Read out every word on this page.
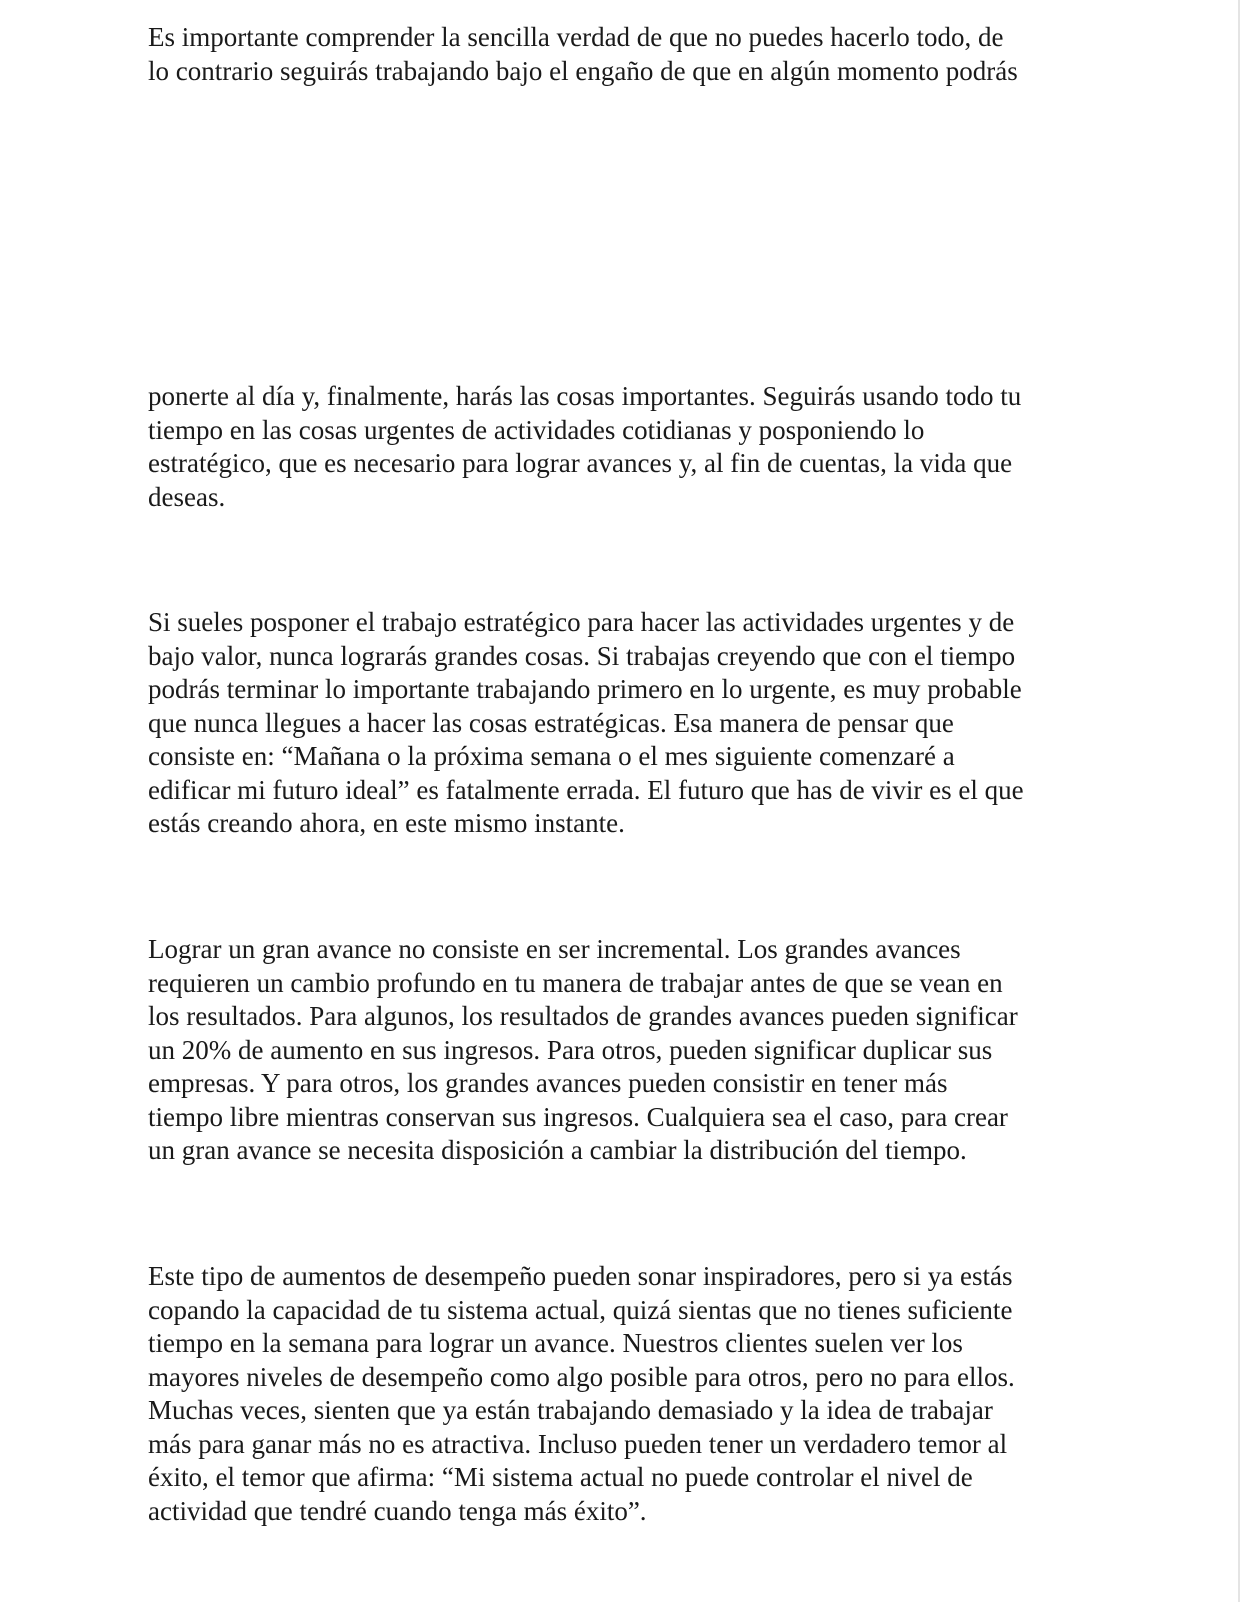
Es importante comprender la sencilla verdad de que no puedes hacerlo todo, de
lo contrario seguirás trabajando bajo el engaño de que en algún momento podrás

ponerte al día y, finalmente, harás las cosas importantes. Seguirás usando todo tu
tiempo en las cosas urgentes de actividades cotidianas y posponiendo lo
estratégico, que es necesario para lograr avances y, al fin de cuentas, la vida que
deseas.

Si sueles posponer el trabajo estratégico para hacer las actividades urgentes y de
bajo valor, nunca lograrás grandes cosas. Si trabajas creyendo que con el tiempo
podrás terminar lo importante trabajando primero en lo urgente, es muy probable
que nunca llegues a hacer las cosas estratégicas. Esa manera de pensar que
consiste en: “Mañana o la próxima semana o el mes siguiente comenzaré a
edificar mi futuro ideal” es fatalmente errada. El futuro que has de vivir es el que
estás creando ahora, en este mismo instante.

Lograr un gran avance no consiste en ser incremental. Los grandes avances
requieren un cambio profundo en tu manera de trabajar antes de que se vean en
los resultados. Para algunos, los resultados de grandes avances pueden significar
un 20% de aumento en sus ingresos. Para otros, pueden significar duplicar sus
empresas. Y para otros, los grandes avances pueden consistir en tener más
tiempo libre mientras conservan sus ingresos. Cualquiera sea el caso, para crear
un gran avance se necesita disposición a cambiar la distribución del tiempo.

Este tipo de aumentos de desempeño pueden sonar inspiradores, pero si ya estás
copando la capacidad de tu sistema actual, quizá sientas que no tienes suficiente
tiempo en la semana para lograr un avance. Nuestros clientes suelen ver los
mayores niveles de desempeño como algo posible para otros, pero no para ellos.
Muchas veces, sienten que ya están trabajando demasiado y la idea de trabajar
más para ganar más no es atractiva. Incluso pueden tener un verdadero temor al
éxito, el temor que afirma: “Mi sistema actual no puede controlar el nivel de
actividad que tendré cuando tenga más éxito”.
